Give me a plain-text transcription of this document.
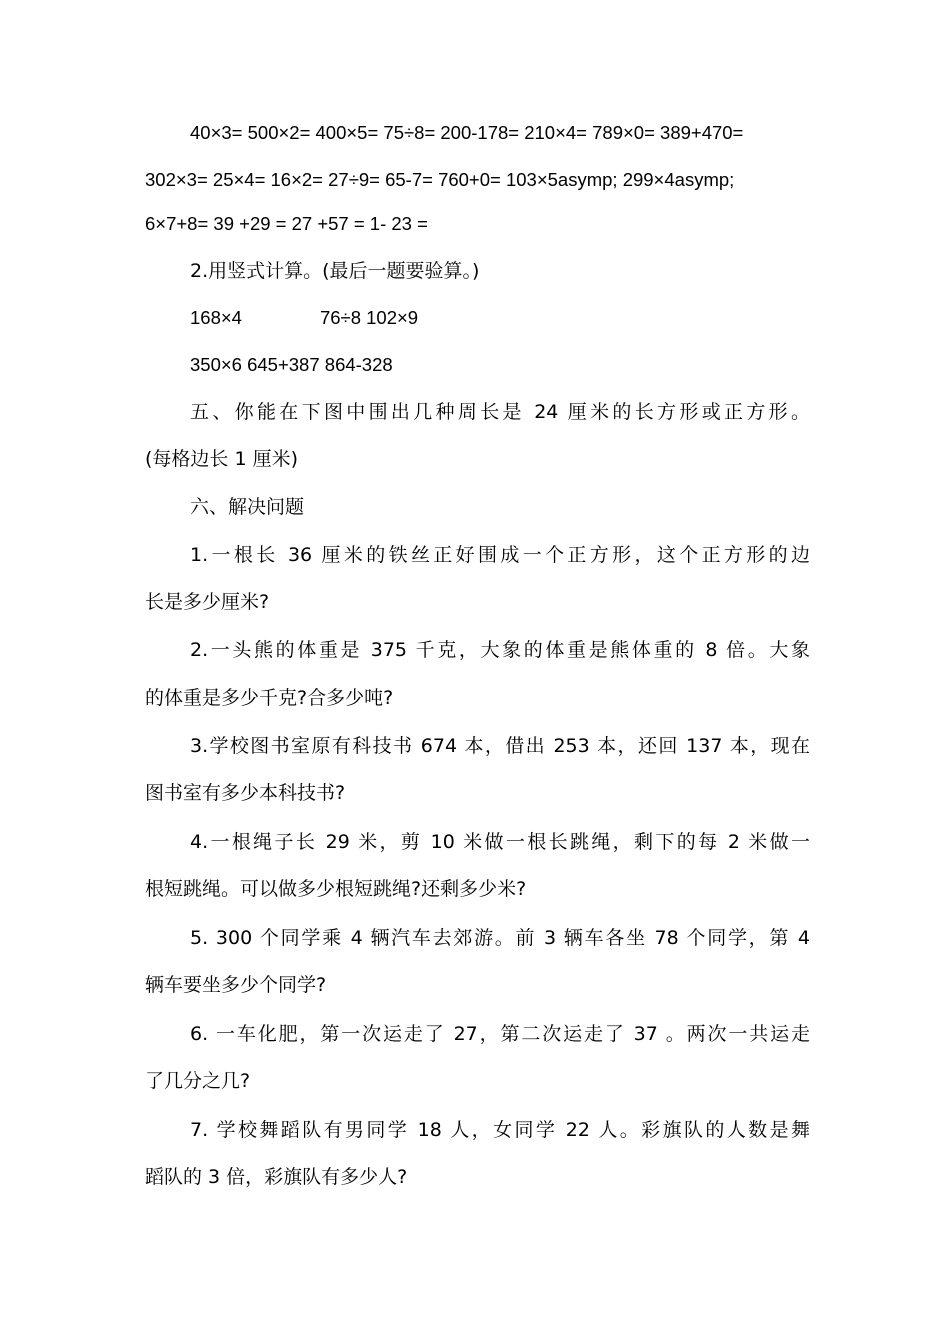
40×3= 500×2= 400×5= 75÷8= 200-178= 210×4= 789×0= 389+470=
302×3= 25×4= 16×2= 27÷9= 65-7= 760+0= 103×5asymp; 299×4asymp;
6×7+8= 39 +29 = 27 +57 = 1- 23 =
2.用竖式计算。(最后一题要验算。)
168×4	76÷8 102×9
350×6 645+387 864-328
五、你能在下图中围出几种周长是 24 厘米的长方形或正方形。
(每格边长 1 厘米)
六、解决问题
1.一根长 36 厘米的铁丝正好围成一个正方形，这个正方形的边
长是多少厘米?
2.一头熊的体重是 375 千克，大象的体重是熊体重的 8 倍。大象
的体重是多少千克?合多少吨?
3.学校图书室原有科技书 674 本，借出 253 本，还回 137 本，现在
图书室有多少本科技书?
4.一根绳子长 29 米，剪 10 米做一根长跳绳，剩下的每 2 米做一
根短跳绳。可以做多少根短跳绳?还剩多少米?
5. 300 个同学乘 4 辆汽车去郊游。前 3 辆车各坐 78 个同学，第 4
辆车要坐多少个同学?
6. 一车化肥，第一次运走了 27，第二次运走了 37 。两次一共运走
了几分之几?
7. 学校舞蹈队有男同学 18 人，女同学 22 人。彩旗队的人数是舞
蹈队的 3 倍，彩旗队有多少人?
